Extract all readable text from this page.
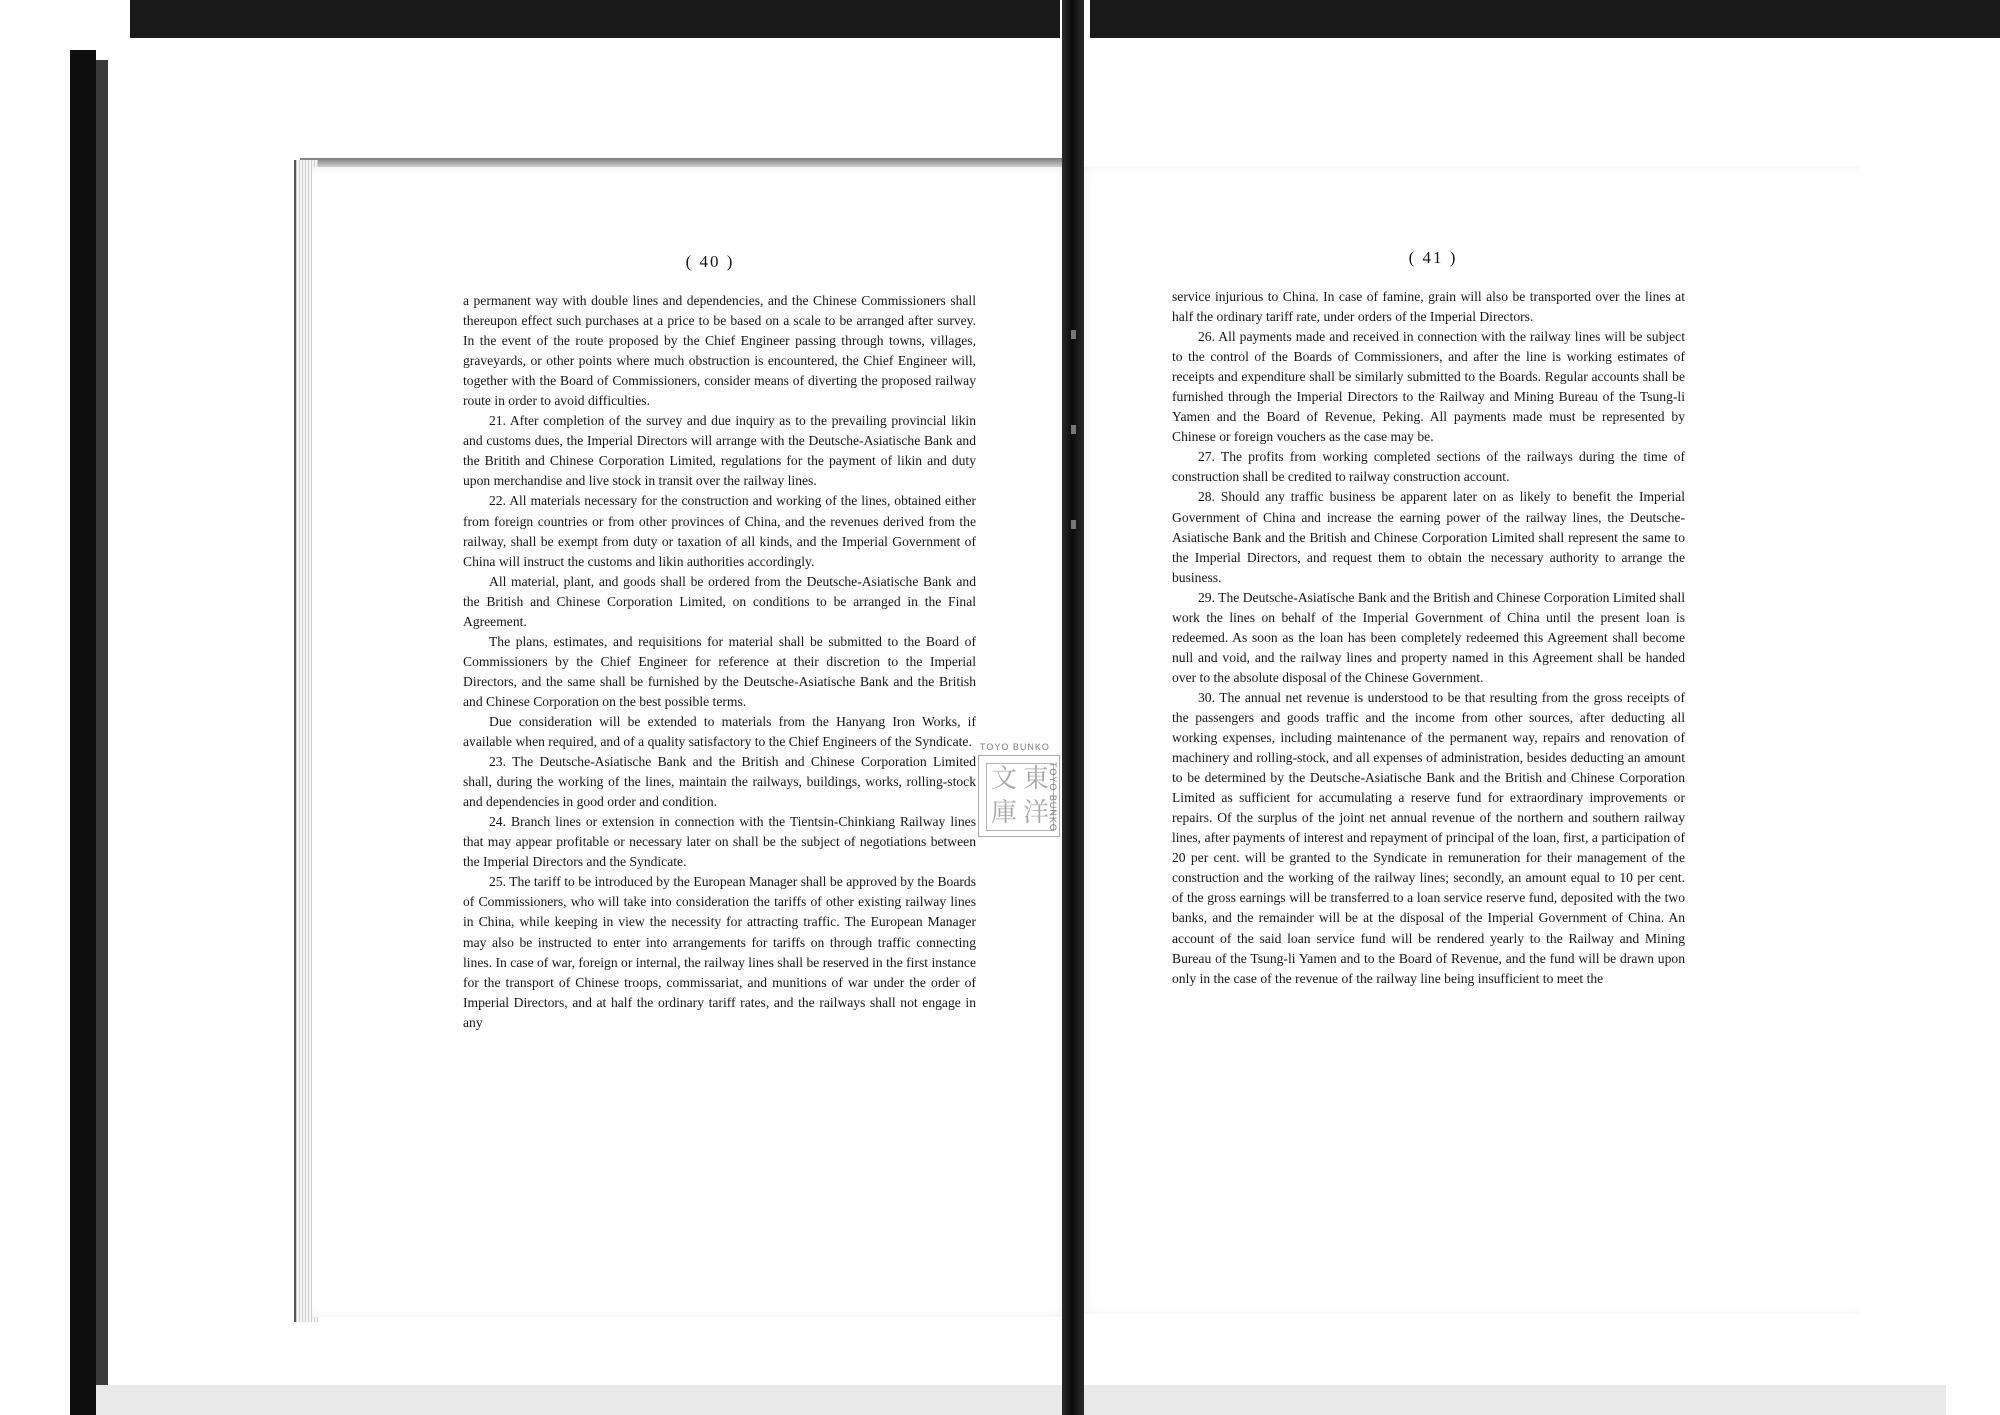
( 40 )

a permanent way with double lines and dependencies, and the Chinese Commissioners shall thereupon effect such purchases at a price to be based on a scale to be arranged after survey. In the event of the route proposed by the Chief Engineer passing through towns, villages, graveyards, or other points where much obstruction is encountered, the Chief Engineer will, together with the Board of Commissioners, consider means of diverting the proposed railway route in order to avoid difficulties.

21. After completion of the survey and due inquiry as to the prevailing provincial likin and customs dues, the Imperial Directors will arrange with the Deutsche-Asiatische Bank and the Britith and Chinese Corporation Limited, regulations for the payment of likin and duty upon merchandise and live stock in transit over the railway lines.

22. All materials necessary for the construction and working of the lines, obtained either from foreign countries or from other provinces of China, and the revenues derived from the railway, shall be exempt from duty or taxation of all kinds, and the Imperial Government of China will instruct the customs and likin authorities accordingly.

All material, plant, and goods shall be ordered from the Deutsche-Asiatische Bank and the British and Chinese Corporation Limited, on conditions to be arranged in the Final Agreement.

The plans, estimates, and requisitions for material shall be submitted to the Board of Commissioners by the Chief Engineer for reference at their discretion to the Imperial Directors, and the same shall be furnished by the Deutsche-Asiatische Bank and the British and Chinese Corporation on the best possible terms.

Due consideration will be extended to materials from the Hanyang Iron Works, if available when required, and of a quality satisfactory to the Chief Engineers of the Syndicate.

23. The Deutsche-Asiatische Bank and the British and Chinese Corporation Limited shall, during the working of the lines, maintain the railways, buildings, works, rolling-stock and dependencies in good order and condition.

24. Branch lines or extension in connection with the Tientsin-Chinkiang Railway lines that may appear profitable or necessary later on shall be the subject of negotiations between the Imperial Directors and the Syndicate.

25. The tariff to be introduced by the European Manager shall be approved by the Boards of Commissioners, who will take into consideration the tariffs of other existing railway lines in China, while keeping in view the necessity for attracting traffic. The European Manager may also be instructed to enter into arrangements for tariffs on through traffic connecting lines. In case of war, foreign or internal, the railway lines shall be reserved in the first instance for the transport of Chinese troops, commissariat, and munitions of war under the order of Imperial Directors, and at half the ordinary tariff rates, and the railways shall not engage in any

( 41 )

service injurious to China. In case of famine, grain will also be transported over the lines at half the ordinary tariff rate, under orders of the Imperial Directors.

26. All payments made and received in connection with the railway lines will be subject to the control of the Boards of Commissioners, and after the line is working estimates of receipts and expenditure shall be similarly submitted to the Boards. Regular accounts shall be furnished through the Imperial Directors to the Railway and Mining Bureau of the Tsung-li Yamen and the Board of Revenue, Peking. All payments made must be represented by Chinese or foreign vouchers as the case may be.

27. The profits from working completed sections of the railways during the time of construction shall be credited to railway construction account.

28. Should any traffic business be apparent later on as likely to benefit the Imperial Government of China and increase the earning power of the railway lines, the Deutsche-Asiatische Bank and the British and Chinese Corporation Limited shall represent the same to the Imperial Directors, and request them to obtain the necessary authority to arrange the business.

29. The Deutsche-Asiatische Bank and the British and Chinese Corporation Limited shall work the lines on behalf of the Imperial Government of China until the present loan is redeemed. As soon as the loan has been completely redeemed this Agreement shall become null and void, and the railway lines and property named in this Agreement shall be handed over to the absolute disposal of the Chinese Government.

30. The annual net revenue is understood to be that resulting from the gross receipts of the passengers and goods traffic and the income from other sources, after deducting all working expenses, including maintenance of the permanent way, repairs and renovation of machinery and rolling-stock, and all expenses of administration, besides deducting an amount to be determined by the Deutsche-Asiatische Bank and the British and Chinese Corporation Limited as sufficient for accumulating a reserve fund for extraordinary improvements or repairs. Of the surplus of the joint net annual revenue of the northern and southern railway lines, after payments of interest and repayment of principal of the loan, first, a participation of 20 per cent. will be granted to the Syndicate in remuneration for their management of the construction and the working of the railway lines; secondly, an amount equal to 10 per cent. of the gross earnings will be transferred to a loan service reserve fund, deposited with the two banks, and the remainder will be at the disposal of the Imperial Government of China. An account of the said loan service fund will be rendered yearly to the Railway and Mining Bureau of the Tsung-li Yamen and to the Board of Revenue, and the fund will be drawn upon only in the case of the revenue of the railway line being insufficient to meet the

東
洋
文
庫
TOYO BUNKO
TOYO BUNKO
